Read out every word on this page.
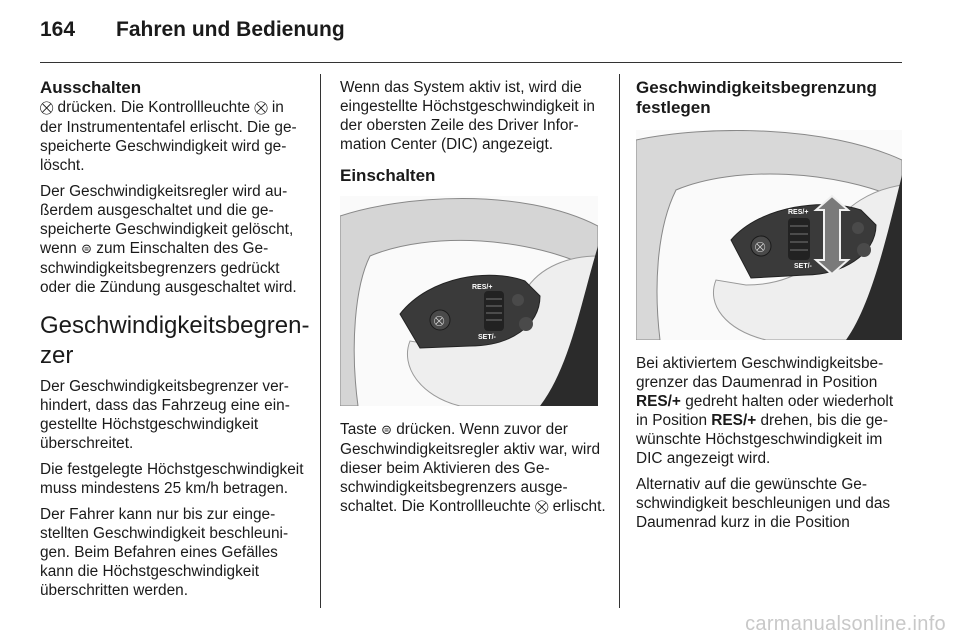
164 Fahren und Bedienung
Ausschalten

⛒ drücken. Die Kontrollleuchte ⛒ in der Instrumententafel erlischt. Die gespeicherte Geschwindigkeit wird gelöscht.

Der Geschwindigkeitsregler wird außerdem ausgeschaltet und die gespeicherte Geschwindigkeit gelöscht, wenn ⊜ zum Einschalten des Geschwindigkeitsbegrenzers gedrückt oder die Zündung ausgeschaltet wird.

Geschwindigkeitsbegrenzer

Der Geschwindigkeitsbegrenzer verhindert, dass das Fahrzeug eine eingestellte Höchstgeschwindigkeit überschreitet.

Die festgelegte Höchstgeschwindigkeit muss mindestens 25 km/h betragen.

Der Fahrer kann nur bis zur eingestellten Geschwindigkeit beschleunigen. Beim Befahren eines Gefälles kann die Höchstgeschwindigkeit überschritten werden.

Wenn das System aktiv ist, wird die eingestellte Höchstgeschwindigkeit in der obersten Zeile des Driver Information Center (DIC) angezeigt.

Einschalten
⛒
RES/+
SET/-

Taste ⊜ drücken. Wenn zuvor der Geschwindigkeitsregler aktiv war, wird dieser beim Aktivieren des Geschwindigkeitsbegrenzers ausgeschaltet. Die Kontrollleuchte ⛒ erlischt.

Geschwindigkeitsbegrenzung festlegen
⛒
RES/+
SET/-

Bei aktiviertem Geschwindigkeitsbegrenzer das Daumenrad in Position RES/+ gedreht halten oder wiederholt in Position RES/+ drehen, bis die gewünschte Höchstgeschwindigkeit im DIC angezeigt wird.

Alternativ auf die gewünschte Geschwindigkeit beschleunigen und das Daumenrad kurz in die Position

carmanualsonline.info
